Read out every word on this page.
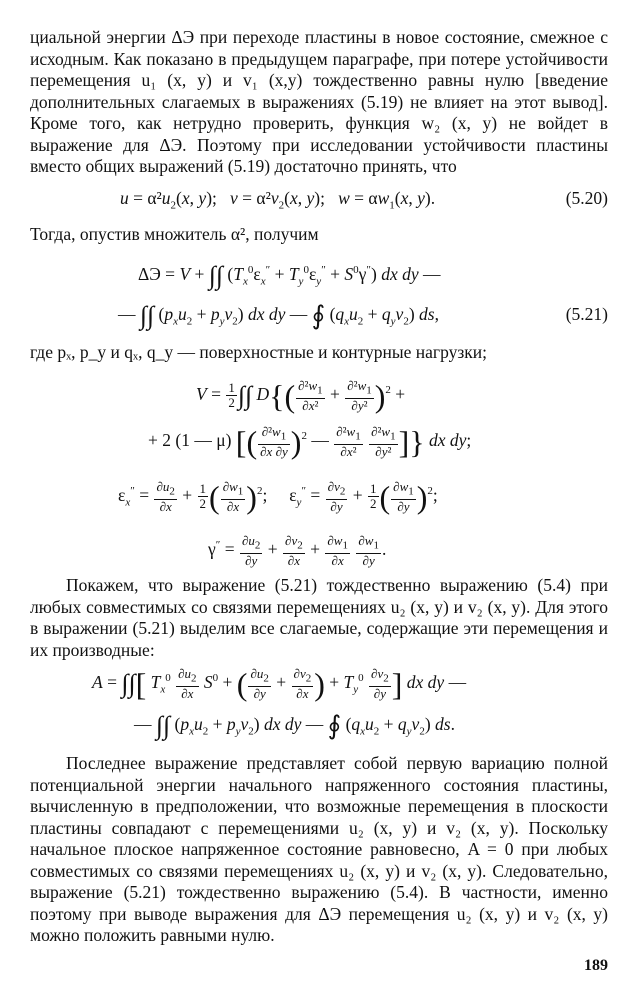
циальной энергии ΔЭ при переходе пластины в новое состояние, смежное с исходным. Как показано в предыдущем параграфе, при потере устойчивости перемещения u₁ (x, y) и v₁ (x,y) тождественно равны нулю [введение дополнительных слагаемых в выражениях (5.19) не влияет на этот вывод]. Кроме того, как нетрудно проверить, функция w₂ (x, y) не войдет в выражение для ΔЭ. Поэтому при исследовании устойчивости пластины вместо общих выражений (5.19) достаточно принять, что

$u = \alpha^2u_2(x$, y);   $v = \alpha^2v_2(x$, y);   $w = \alpha w_1(x$, y).	(5.20)

Тогда, опустив множитель α², получим

ΔЭ = V + ∫∫ $(T_x^0\varepsilon_x'' + T_y^0\varepsilon_y'' + S^0\gamma'')$ dx dy —
— ∫∫ $(p_xu_2 + p_yv_2)$ dx dy — ∮ $(q_xu_2 + q_yv_2)$ ds,	(5.21)

где pₓ, p_y и qₓ, q_y — поверхностные и контурные нагрузки;

$V = \frac{1}{2}$ ∫∫ $D\{( \frac{\partial^2w_1}{\text{∂x²}} + \frac{\partial^2w_1}{\text{∂y²}} )^2$ +
+ 2 (1 — μ) [( $\frac{\partial^2w_1}{\partial x \partial y} )^2$ — $\frac{\partial^2w_1}{\text{∂x²}}$
$\frac{\partial^2w_1}{\text{∂y²}}$ ]} dx dy;
$\varepsilon_x'' = \frac{\partial u_2}{\partial x} + \frac{1}{2}$ ( $\frac{\partial w_1}{\partial x} )^2$;     $\varepsilon_y'' = \frac{\partial v_2}{\partial y} + \frac{1}{2}$ ( $\frac{\partial w_1}{\partial y} )^2$;
$\gamma'' = \frac{\partial u_2}{\partial y} + \frac{\partial v_2}{\partial x} + \frac{\partial w_1}{\partial x}$
$\frac{\partial w_1}{\partial y}$ .

Покажем, что выражение (5.21) тождественно выражению (5.4) при любых совместимых со связями перемещениях u₂ (x, y) и v₂ (x, y). Для этого в выражении (5.21) выделим все слагаемые, содержащие эти перемещения и их производные:

A = ∫∫[ $T_x^0 \frac{\partial u_2}{\partial x} S^0$ + ( $\frac{\partial u_2}{\partial y} + \frac{\partial v_2}{\partial x}$ ) + $T_y^0 \frac{\partial v_2}{\partial y}$ ] dx dy —
— ∫∫ $(p_xu_2 + p_yv_2)$ dx dy — ∮ $(q_xu_2 + q_yv_2)$ ds.

Последнее выражение представляет собой первую вариацию полной потенциальной энергии начального напряженного состояния пластины, вычисленную в предположении, что возможные перемещения в плоскости пластины совпадают с перемещениями u₂ (x, y) и v₂ (x, y). Поскольку начальное плоское напряженное состояние равновесно, A = 0 при любых совместимых со связями перемещениях u₂ (x, y) и v₂ (x, y). Следовательно, выражение (5.21) тождественно выражению (5.4). В частности, именно поэтому при выводе выражения для ΔЭ перемещения u₂ (x, y) и v₂ (x, y) можно положить равными нулю.

189
